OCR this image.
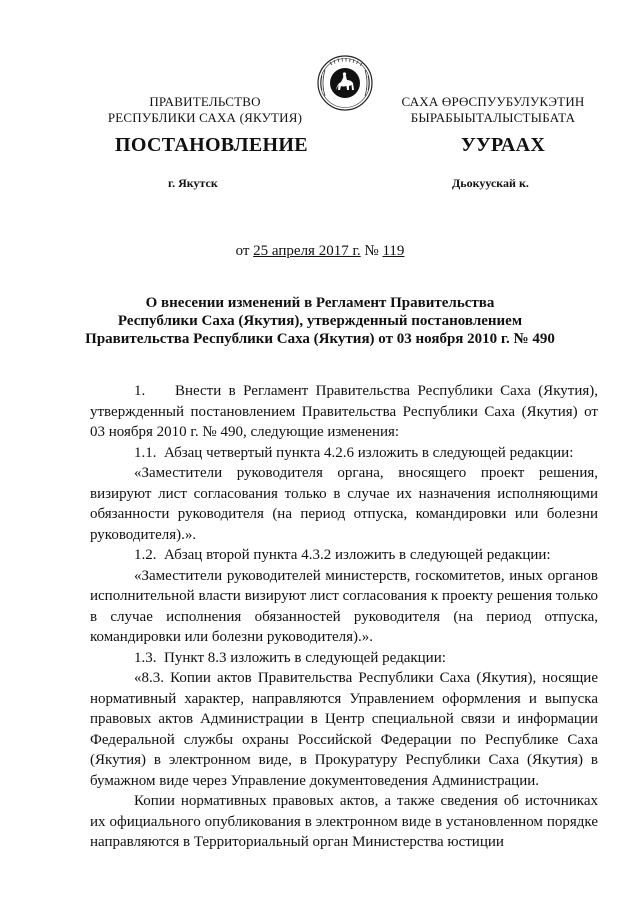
ПРАВИТЕЛЬСТВО
РЕСПУБЛИКИ САХА (ЯКУТИЯ)
САХА ӨРӨСПУУБУЛУКЭТИН
БЫРАБЫЫТАЛЫСТЫБАТА
ПОСТАНОВЛЕНИЕ	УУРААХ
г. Якутск	Дьокуускай к.
от 25 апреля 2017 г. № 119
О внесении изменений в Регламент Правительства
Республики Саха (Якутия), утвержденный постановлением
Правительства Республики Саха (Якутия) от 03 ноября 2010 г. № 490

1.    Внести в Регламент Правительства Республики Саха (Якутия), утвержденный постановлением Правительства Республики Саха (Якутия) от 03 ноября 2010 г. № 490, следующие изменения:

1.1.  Абзац четвертый пункта 4.2.6 изложить в следующей редакции:

«Заместители руководителя органа, вносящего проект решения, визируют лист согласования только в случае их назначения исполняющими обязанности руководителя (на период отпуска, командировки или болезни руководителя).».

1.2.  Абзац второй пункта 4.3.2 изложить в следующей редакции:

«Заместители руководителей министерств, госкомитетов, иных органов исполнительной власти визируют лист согласования к проекту решения только в случае исполнения обязанностей руководителя (на период отпуска, командировки или болезни руководителя).».

1.3.  Пункт 8.3 изложить в следующей редакции:

«8.3. Копии актов Правительства Республики Саха (Якутия), носящие нормативный характер, направляются Управлением оформления и выпуска правовых актов Администрации в Центр специальной связи и информации Федеральной службы охраны Российской Федерации по Республике Саха (Якутия) в электронном виде, в Прокуратуру Республики Саха (Якутия) в бумажном виде через Управление документоведения Администрации.

Копии нормативных правовых актов, а также сведения об источниках их официального опубликования в электронном виде в установленном порядке направляются в Территориальный орган Министерства юстиции
